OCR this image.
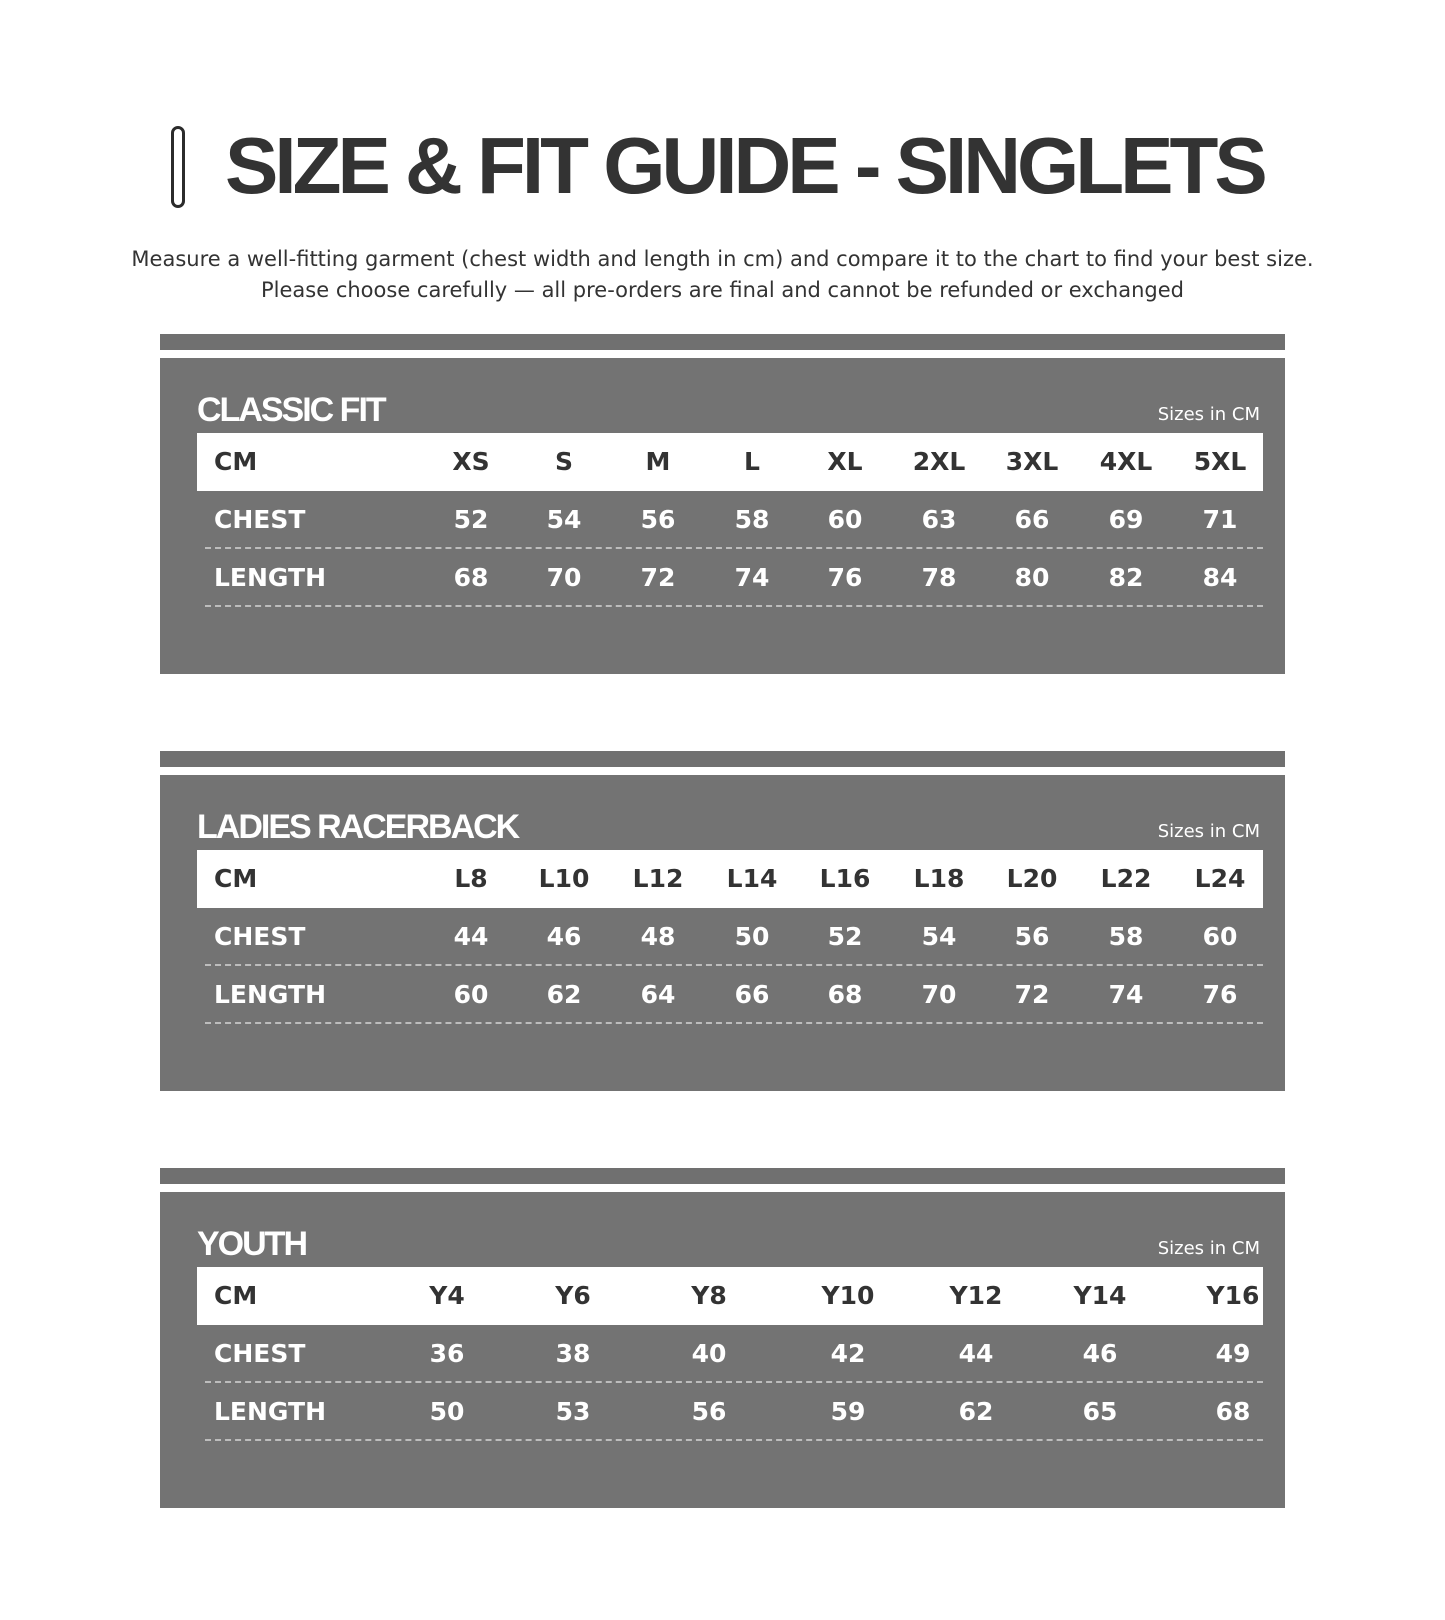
SIZE & FIT GUIDE - SINGLETS
Measure a well-fitting garment (chest width and length in cm) and compare it to the chart to find your best size.
Please choose carefully — all pre-orders are final and cannot be refunded or exchanged
CLASSIC FIT	Sizes in CM
CM	XS	S	M	L	XL 2XL 3XL 4XL 5XL
CHEST	52 54 56 58 60 63 66 69 71
LENGTH	68 70 72 74 76 78 80 82 84
LADIES RACERBACK	Sizes in CM
CM	L8 L10 L12 L14 L16 L18 L20 L22 L24
CHEST	44 46 48 50 52 54 56 58 60
LENGTH	60 62 64 66 68 70 72 74 76
YOUTH	Sizes in CM
CM	Y4	Y6	Y8	Y10	Y12	Y14	Y16
CHEST	36	38	40	42	44	46	49
LENGTH	50	53	56	59	62	65	68
